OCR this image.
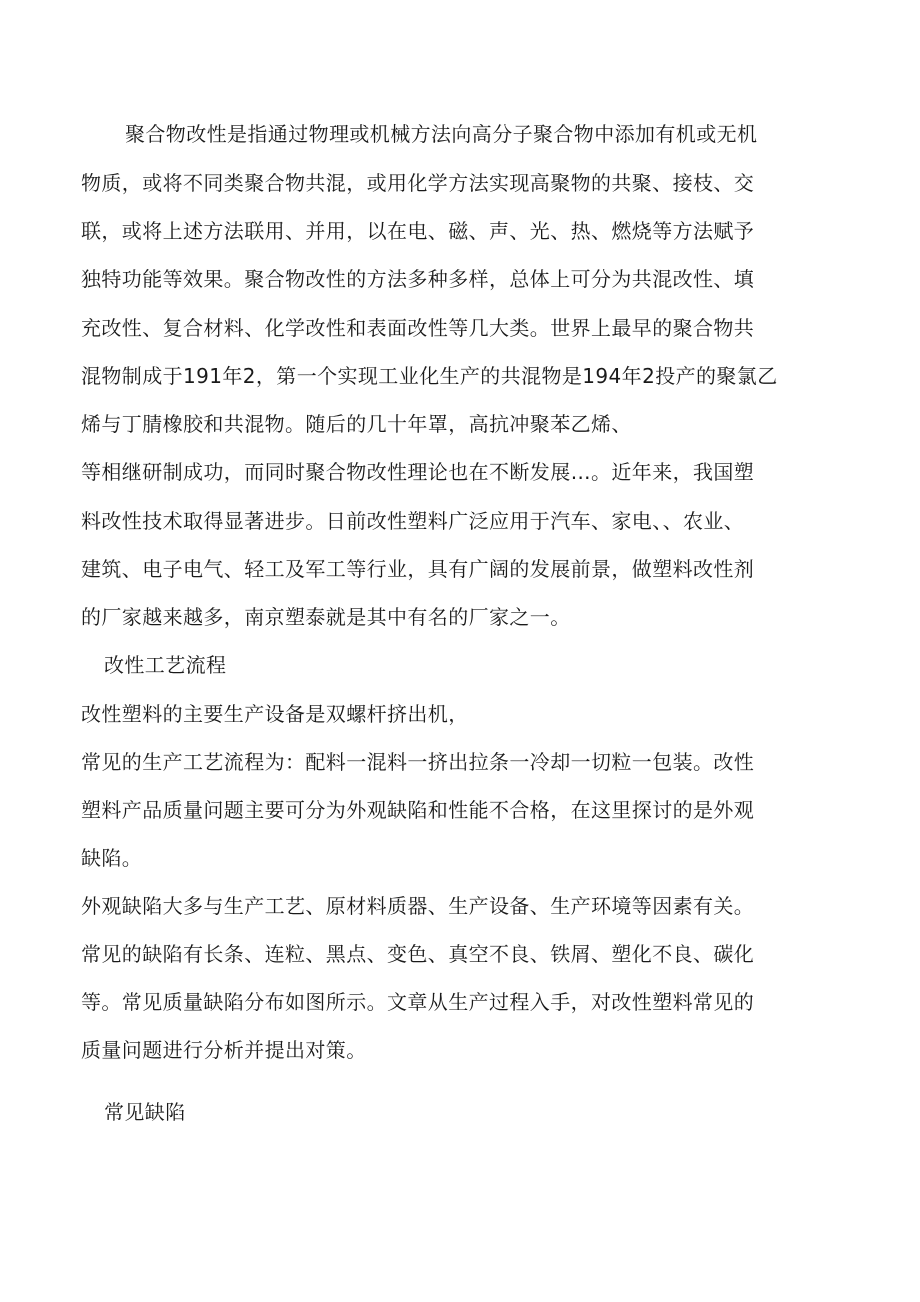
聚合物改性是指通过物理或机械方法向高分子聚合物中添加有机或无机
物质，或将不同类聚合物共混，或用化学方法实现高聚物的共聚、接枝、交
联，或将上述方法联用、并用，以在电、磁、声、光、热、燃烧等方法赋予
独特功能等效果。聚合物改性的方法多种多样，总体上可分为共混改性、填
充改性、复合材料、化学改性和表面改性等几大类。世界上最早的聚合物共
混物制成于191年2，第一个实现工业化生产的共混物是194年2投产的聚氯乙
烯与丁腈橡胶和共混物。随后的几十年罩，高抗冲聚苯乙烯、
等相继研制成功，而同时聚合物改性理论也在不断发展…。近年来，我国塑
料改性技术取得显著进步。日前改性塑料广泛应用于汽车、家电、、农业、
建筑、电子电气、轻工及军工等行业，具有广阔的发展前景，做塑料改性剂
的厂家越来越多，南京塑泰就是其中有名的厂家之一。
改性工艺流程
改性塑料的主要生产设备是双螺杆挤出机，
常见的生产工艺流程为：配料一混料一挤出拉条一冷却一切粒一包装。改性
塑料产品质量问题主要可分为外观缺陷和性能不合格，在这里探讨的是外观
缺陷。
外观缺陷大多与生产工艺、原材料质器、生产设备、生产环境等因素有关。
常见的缺陷有长条、连粒、黑点、变色、真空不良、铁屑、塑化不良、碳化
等。常见质量缺陷分布如图所示。文章从生产过程入手，对改性塑料常见的
质量问题进行分析并提出对策。
常见缺陷
